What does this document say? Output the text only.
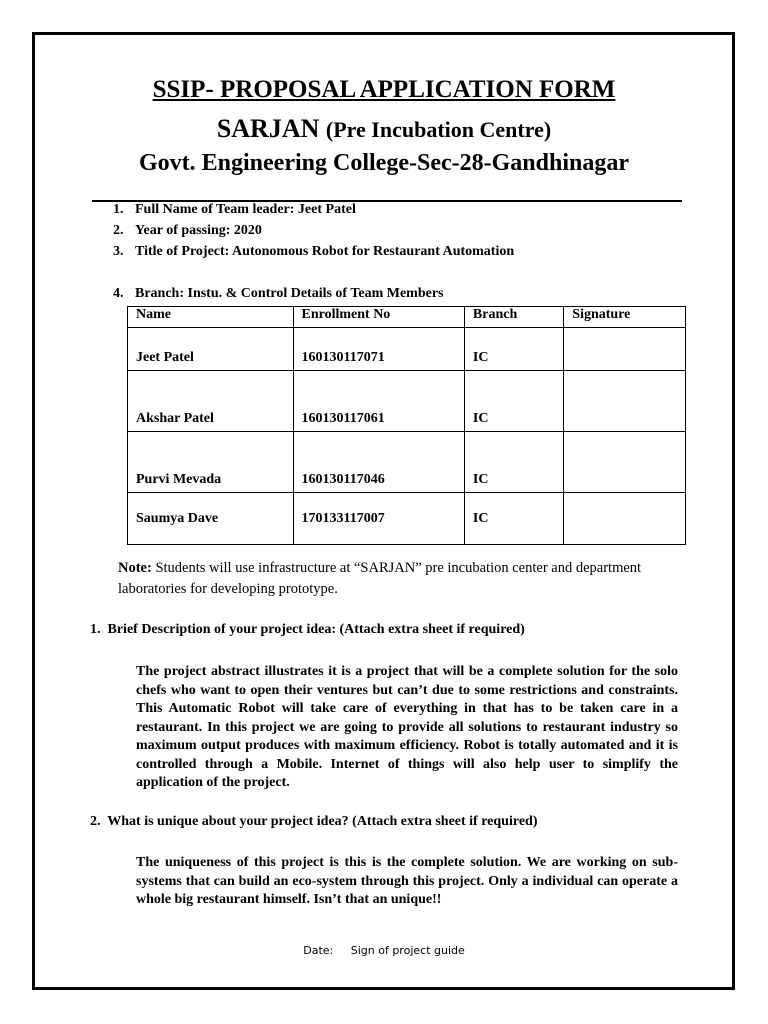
SSIP- PROPOSAL APPLICATION FORM
SARJAN (Pre Incubation Centre)
Govt. Engineering College-Sec-28-Gandhinagar
1. Full Name of Team leader: Jeet Patel
2. Year of passing: 2020
3. Title of Project: Autonomous Robot for Restaurant Automation
4. Branch: Instu. & Control Details of Team Members
Name	Enrollment No	Branch	Signature
Jeet Patel	160130117071	IC	
Akshar Patel	160130117061	IC	
Purvi Mevada	160130117046	IC	
Saumya Dave	170133117007	IC	
Note: Students will use infrastructure at “SARJAN” pre incubation center and department laboratories for developing prototype.
1. Brief Description of your project idea: (Attach extra sheet if required)
The project abstract illustrates it is a project that will be a complete solution for the solo chefs who want to open their ventures but can’t due to some restrictions and constraints. This Automatic Robot will take care of everything in that has to be taken care in a restaurant. In this project we are going to provide all solutions to restaurant industry so maximum output produces with maximum efficiency. Robot is totally automated and it is controlled through a Mobile. Internet of things will also help user to simplify the application of the project.
2. What is unique about your project idea? (Attach extra sheet if required)
The uniqueness of this project is this is the complete solution. We are working on sub-systems that can build an eco-system through this project. Only a individual can operate a whole big restaurant himself. Isn’t that an unique!!
Date: Sign of project guide
